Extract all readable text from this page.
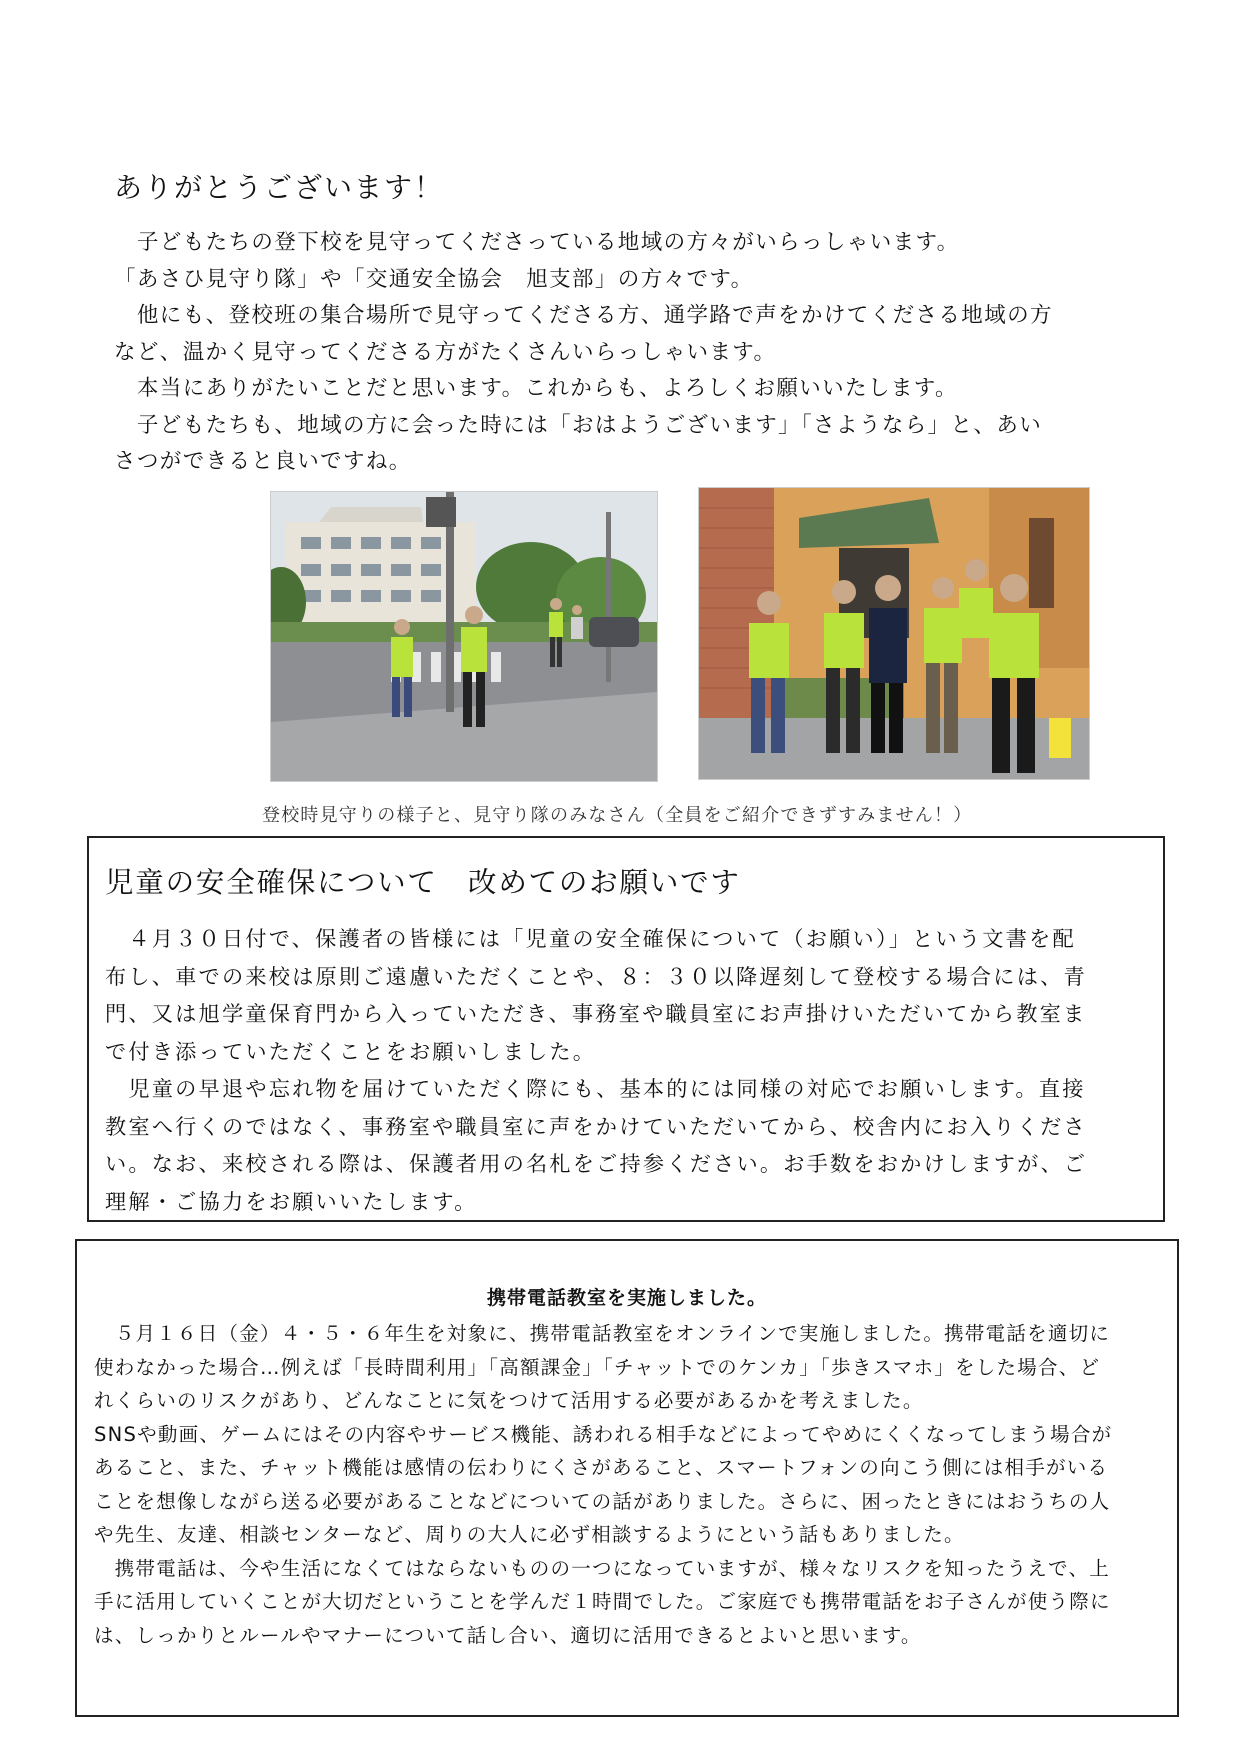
ありがとうございます！

　子どもたちの登下校を見守ってくださっている地域の方々がいらっしゃいます。

「あさひ見守り隊」や「交通安全協会　旭支部」の方々です。

　他にも、登校班の集合場所で見守ってくださる方、通学路で声をかけてくださる地域の方

など、温かく見守ってくださる方がたくさんいらっしゃいます。

　本当にありがたいことだと思います。これからも、よろしくお願いいたします。

　子どもたちも、地域の方に会った時には「おはようございます」「さようなら」と、あい

さつができると良いですね。

登校時見守りの様子と、見守り隊のみなさん（全員をご紹介できずすみません！）
児童の安全確保について　改めてのお願いです

　４月３０日付で、保護者の皆様には「児童の安全確保について（お願い）」という文書を配

布し、車での来校は原則ご遠慮いただくことや、８：３０以降遅刻して登校する場合には、青

門、又は旭学童保育門から入っていただき、事務室や職員室にお声掛けいただいてから教室ま

で付き添っていただくことをお願いしました。

　児童の早退や忘れ物を届けていただく際にも、基本的には同様の対応でお願いします。直接

教室へ行くのではなく、事務室や職員室に声をかけていただいてから、校舎内にお入りくださ

い。なお、来校される際は、保護者用の名札をご持参ください。お手数をおかけしますが、ご

理解・ご協力をお願いいたします。

携帯電話教室を実施しました。

　５月１６日（金）４・５・６年生を対象に、携帯電話教室をオンラインで実施しました。携帯電話を適切に

使わなかった場合…例えば「長時間利用」「高額課金」「チャットでのケンカ」「歩きスマホ」をした場合、ど

れくらいのリスクがあり、どんなことに気をつけて活用する必要があるかを考えました。

SNSや動画、ゲームにはその内容やサービス機能、誘われる相手などによってやめにくくなってしまう場合が

あること、また、チャット機能は感情の伝わりにくさがあること、スマートフォンの向こう側には相手がいる

ことを想像しながら送る必要があることなどについての話がありました。さらに、困ったときにはおうちの人

や先生、友達、相談センターなど、周りの大人に必ず相談するようにという話もありました。

　携帯電話は、今や生活になくてはならないものの一つになっていますが、様々なリスクを知ったうえで、上

手に活用していくことが大切だということを学んだ１時間でした。ご家庭でも携帯電話をお子さんが使う際に

は、しっかりとルールやマナーについて話し合い、適切に活用できるとよいと思います。
